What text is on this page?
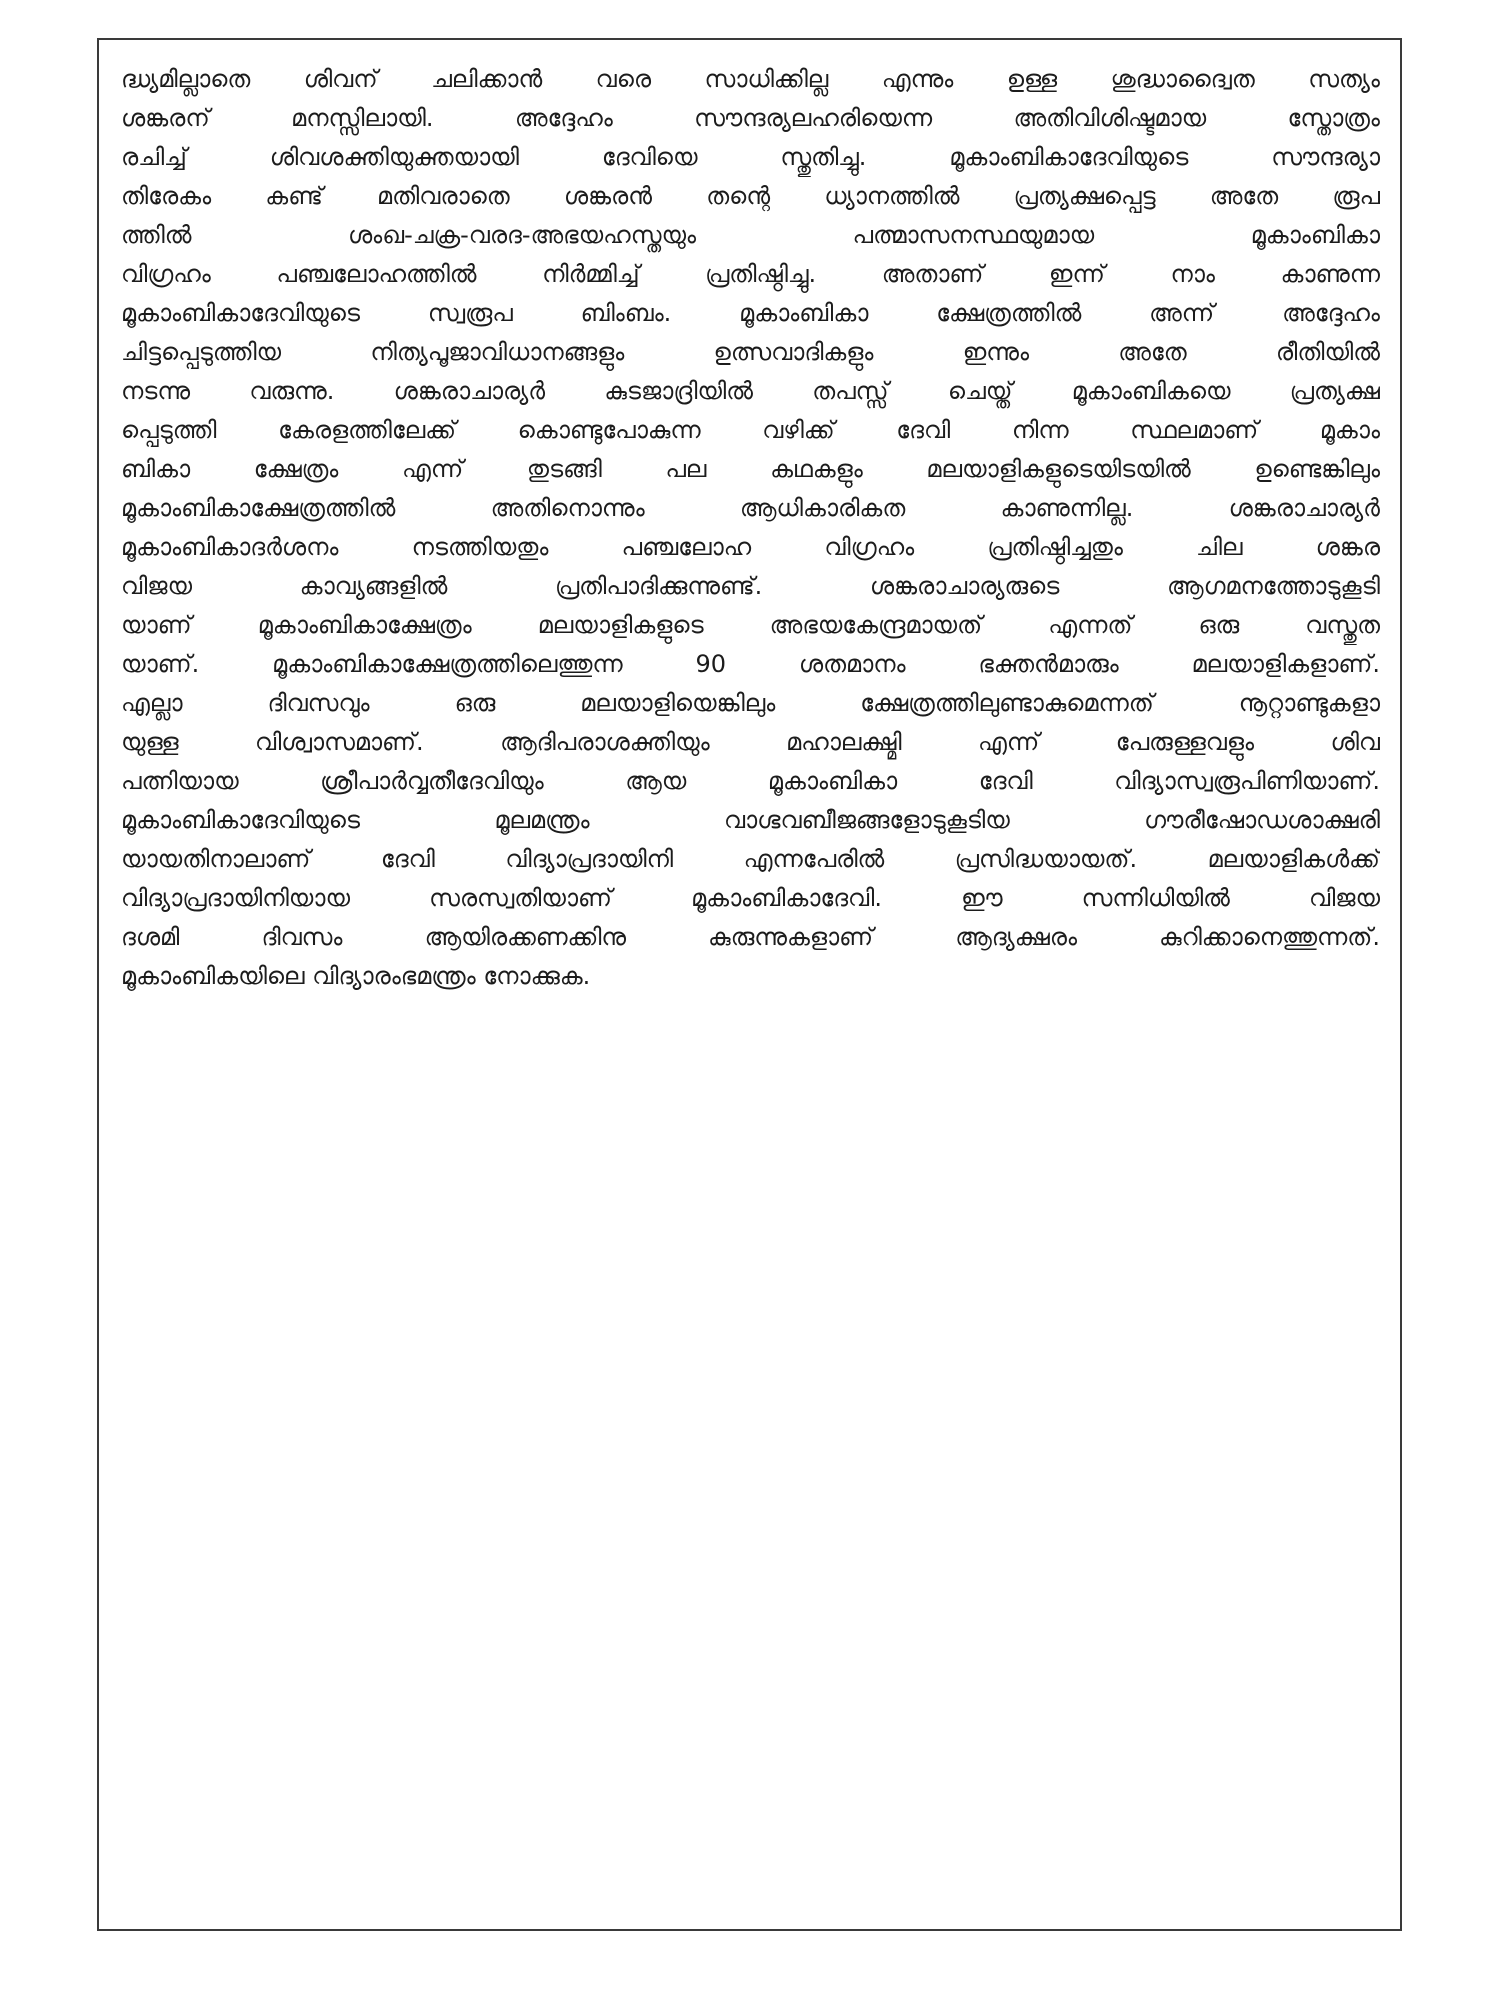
ദ്ധ്യമില്ലാതെ ശിവന് ചലിക്കാൻ വരെ സാധിക്കില്ല എന്നും ഉള്ള ശുദ്ധാദ്വൈത സത്യം
ശങ്കരന് മനസ്സിലായി. അദ്ദേഹം സൗന്ദര്യലഹരിയെന്ന അതിവിശിഷ്ടമായ സ്തോത്രം
രചിച്ച് ശിവശക്തിയുക്തയായി ദേവിയെ സ്തുതിച്ചു. മൂകാംബികാദേവിയുടെ സൗന്ദര്യാ
തിരേകം കണ്ട് മതിവരാതെ ശങ്കരൻ തന്റെ ധ്യാനത്തിൽ പ്രത്യക്ഷപ്പെട്ട അതേ രൂപ
ത്തിൽ ശംഖ-ചക്ര-വരദ-അഭയഹസ്തയും പത്മാസനസ്ഥയുമായ മൂകാംബികാ
വിഗ്രഹം പഞ്ചലോഹത്തിൽ നിർമ്മിച്ച് പ്രതിഷ്ഠിച്ചു. അതാണ് ഇന്ന് നാം കാണുന്ന
മൂകാംബികാദേവിയുടെ സ്വരൂപ ബിംബം. മൂകാംബികാ ക്ഷേത്രത്തിൽ അന്ന് അദ്ദേഹം
ചിട്ടപ്പെടുത്തിയ നിത്യപൂജാവിധാനങ്ങളും ഉത്സവാദികളും ഇന്നും അതേ രീതിയിൽ
നടന്നു വരുന്നു. ശങ്കരാചാര്യർ കുടജാദ്രിയിൽ തപസ്സ് ചെയ്ത് മൂകാംബികയെ പ്രത്യക്ഷ
പ്പെടുത്തി കേരളത്തിലേക്ക് കൊണ്ടുപോകുന്ന വഴിക്ക് ദേവി നിന്ന സ്ഥലമാണ് മൂകാം
ബികാ ക്ഷേത്രം എന്ന് തുടങ്ങി പല കഥകളും മലയാളികളുടെയിടയിൽ ഉണ്ടെങ്കിലും
മൂകാംബികാക്ഷേത്രത്തിൽ അതിനൊന്നും ആധികാരികത കാണുന്നില്ല. ശങ്കരാചാര്യർ
മൂകാംബികാദർശനം നടത്തിയതും പഞ്ചലോഹ വിഗ്രഹം പ്രതിഷ്ഠിച്ചതും ചില ശങ്കര
വിജയ കാവ്യങ്ങളിൽ പ്രതിപാദിക്കുന്നുണ്ട്. ശങ്കരാചാര്യരുടെ ആഗമനത്തോടുകൂടി
യാണ് മൂകാംബികാക്ഷേത്രം മലയാളികളുടെ അഭയകേന്ദ്രമായത് എന്നത് ഒരു വസ്തുത
യാണ്. മൂകാംബികാക്ഷേത്രത്തിലെത്തുന്ന 90 ശതമാനം ഭക്തൻമാരും മലയാളികളാണ്.
എല്ലാ ദിവസവും ഒരു മലയാളിയെങ്കിലും ക്ഷേത്രത്തിലുണ്ടാകുമെന്നത് നൂറ്റാണ്ടുകളാ
യുള്ള വിശ്വാസമാണ്. ആദിപരാശക്തിയും മഹാലക്ഷ്മി എന്ന് പേരുള്ളവളും ശിവ
പത്നിയായ ശ്രീപാർവ്വതീദേവിയും ആയ മൂകാംബികാ ദേവി വിദ്യാസ്വരൂപിണിയാണ്.
മൂകാംബികാദേവിയുടെ മൂലമന്ത്രം വാഗ്ഭവബീജങ്ങളോടുകൂടിയ ഗൗരീഷോഡശാക്ഷരി
യായതിനാലാണ് ദേവി വിദ്യാപ്രദായിനി എന്നപേരിൽ പ്രസിദ്ധയായത്. മലയാളികൾക്ക്
വിദ്യാപ്രദായിനിയായ സരസ്വതിയാണ് മൂകാംബികാദേവി. ഈ സന്നിധിയിൽ വിജയ
ദശമി ദിവസം ആയിരക്കണക്കിനു കുരുന്നുകളാണ് ആദ്യക്ഷരം കുറിക്കാനെത്തുന്നത്.
മൂകാംബികയിലെ വിദ്യാരംഭമന്ത്രം നോക്കുക.
